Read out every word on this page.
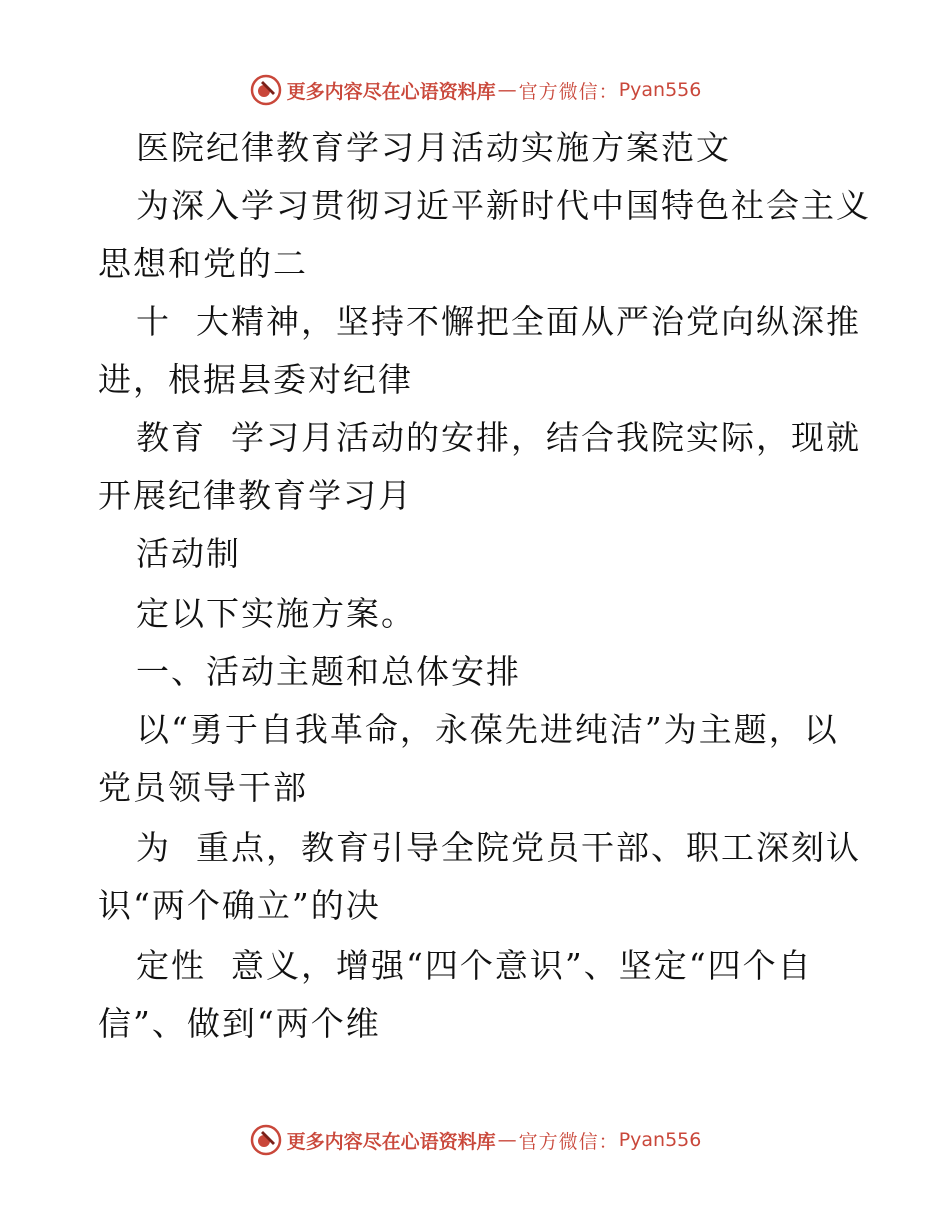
更多内容尽在心语资料库 — 官方微信： Pyan556
医院纪律教育学习月活动实施方案范文
为深入学习贯彻习近平新时代中国特色社会主义
思想和党的二
十  大精神，坚持不懈把全面从严治党向纵深推
进，根据县委对纪律
教育  学习月活动的安排，结合我院实际，现就
开展纪律教育学习月
活动制
定以下实施方案。
一、活动主题和总体安排
以“勇于自我革命，永葆先进纯洁”为主题，以
党员领导干部
为  重点，教育引导全院党员干部、职工深刻认
识“两个确立”的决
定性  意义，增强“四个意识”、坚定“四个自
信”、做到“两个维
更多内容尽在心语资料库 — 官方微信： Pyan556
